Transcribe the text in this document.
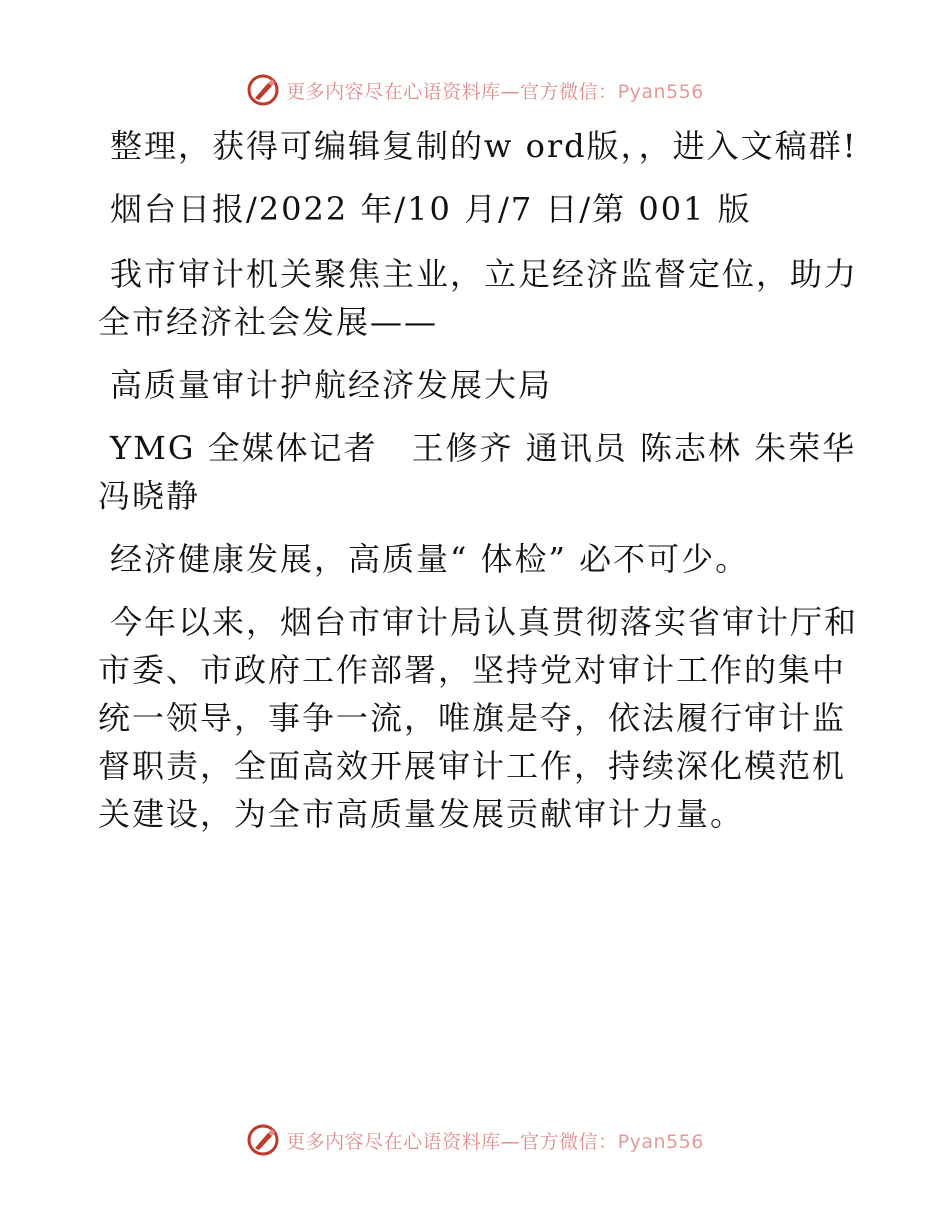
更多内容尽在心语资料库—官方微信：Pyan556

整理，获得可编辑复制的w ord版，，进入文稿群!

烟台日报/2022 年/10 月/7 日/第 001 版

我市审计机关聚焦主业，立足经济监督定位，助力全市经济社会发展——

高质量审计护航经济发展大局

YMG 全媒体记者　王修齐 通讯员 陈志林 朱荣华 冯晓静

经济健康发展，高质量“ 体检” 必不可少。

今年以来，烟台市审计局认真贯彻落实省审计厅和市委、市政府工作部署，坚持党对审计工作的集中统一领导，事争一流，唯旗是夺，依法履行审计监督职责，全面高效开展审计工作，持续深化模范机关建设，为全市高质量发展贡献审计力量。

更多内容尽在心语资料库—官方微信：Pyan556
